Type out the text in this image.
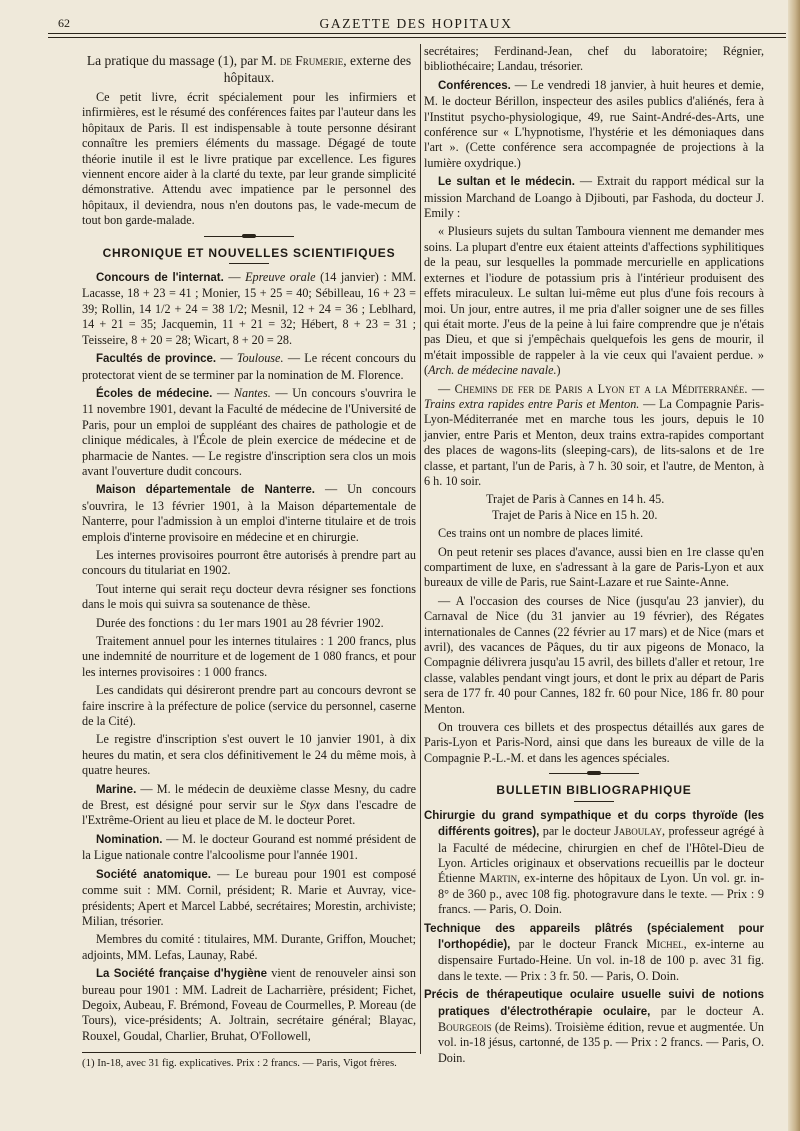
62	GAZETTE DES HOPITAUX

La pratique du massage (1), par M. de Frumerie, externe des hôpitaux.

Ce petit livre, écrit spécialement pour les infirmiers et infirmières, est le résumé des conférences faites par l'auteur dans les hôpitaux de Paris. Il est indispensable à toute personne désirant connaître les premiers éléments du massage. Dégagé de toute théorie inutile il est le livre pratique par excellence. Les figures viennent encore aider à la clarté du texte, par leur grande simplicité démonstrative. Attendu avec impatience par le personnel des hôpitaux, il deviendra, nous n'en doutons pas, le vade-mecum de tout bon garde-malade.

CHRONIQUE ET NOUVELLES SCIENTIFIQUES

Concours de l'internat. — Epreuve orale (14 janvier) : MM. Lacasse, 18 + 23 = 41 ; Monier, 15 + 25 = 40; Sébilleau, 16 + 23 = 39; Rollin, 14 1/2 + 24 = 38 1/2; Mesnil, 12 + 24 = 36 ; Leblhard, 14 + 21 = 35; Jacquemin, 11 + 21 = 32; Hébert, 8 + 23 = 31 ; Teisseire, 8 + 20 = 28; Wicart, 8 + 20 = 28.

Facultés de province. — Toulouse. — Le récent concours du protectorat vient de se terminer par la nomination de M. Florence.

Écoles de médecine. — Nantes. — Un concours s'ouvrira le 11 novembre 1901, devant la Faculté de médecine de l'Université de Paris, pour un emploi de suppléant des chaires de pathologie et de clinique médicales, à l'École de plein exercice de médecine et de pharmacie de Nantes. — Le registre d'inscription sera clos un mois avant l'ouverture dudit concours.

Maison départementale de Nanterre. — Un concours s'ouvrira, le 13 février 1901, à la Maison départementale de Nanterre, pour l'admission à un emploi d'interne titulaire et de trois emplois d'interne provisoire en médecine et en chirurgie.

Les internes provisoires pourront être autorisés à prendre part au concours du titulariat en 1902.

Tout interne qui serait reçu docteur devra résigner ses fonctions dans le mois qui suivra sa soutenance de thèse.

Durée des fonctions : du 1er mars 1901 au 28 février 1902.

Traitement annuel pour les internes titulaires : 1 200 francs, plus une indemnité de nourriture et de logement de 1 080 francs, et pour les internes provisoires : 1 000 francs.

Les candidats qui désireront prendre part au concours devront se faire inscrire à la préfecture de police (service du personnel, caserne de la Cité).

Le registre d'inscription s'est ouvert le 10 janvier 1901, à dix heures du matin, et sera clos définitivement le 24 du même mois, à quatre heures.

Marine. — M. le médecin de deuxième classe Mesny, du cadre de Brest, est désigné pour servir sur le Styx dans l'escadre de l'Extrême-Orient au lieu et place de M. le docteur Poret.

Nomination. — M. le docteur Gourand est nommé président de la Ligue nationale contre l'alcoolisme pour l'année 1901.

Société anatomique. — Le bureau pour 1901 est composé comme suit : MM. Cornil, président; R. Marie et Auvray, vice-présidents; Apert et Marcel Labbé, secrétaires; Morestin, archiviste; Milian, trésorier.

Membres du comité : titulaires, MM. Durante, Griffon, Mouchet; adjoints, MM. Lefas, Launay, Rabé.

La Société française d'hygiène vient de renouveler ainsi son bureau pour 1901 : MM. Ladreit de Lacharrière, président; Fichet, Degoix, Aubeau, F. Brémond, Foveau de Courmelles, P. Moreau (de Tours), vice-présidents; A. Joltrain, secrétaire général; Blayac, Rouxel, Goudal, Charlier, Bruhat, O'Followell,

(1) In-18, avec 31 fig. explicatives. Prix : 2 francs. — Paris, Vigot frères.

secrétaires; Ferdinand-Jean, chef du laboratoire; Régnier, bibliothécaire; Landau, trésorier.

Conférences. — Le vendredi 18 janvier, à huit heures et demie, M. le docteur Bérillon, inspecteur des asiles publics d'aliénés, fera à l'Institut psycho-physiologique, 49, rue Saint-André-des-Arts, une conférence sur « L'hypnotisme, l'hystérie et les démoniaques dans l'art ». (Cette conférence sera accompagnée de projections à la lumière oxydrique.)

Le sultan et le médecin. — Extrait du rapport médical sur la mission Marchand de Loango à Djibouti, par Fashoda, du docteur J. Emily :

« Plusieurs sujets du sultan Tamboura viennent me demander mes soins. La plupart d'entre eux étaient atteints d'affections syphilitiques de la peau, sur lesquelles la pommade mercurielle en applications externes et l'iodure de potassium pris à l'intérieur produisent des effets miraculeux. Le sultan lui-même eut plus d'une fois recours à moi. Un jour, entre autres, il me pria d'aller soigner une de ses filles qui était morte. J'eus de la peine à lui faire comprendre que je n'étais pas Dieu, et que si j'empêchais quelquefois les gens de mourir, il m'était impossible de rappeler à la vie ceux qui l'avaient perdue. » (Arch. de médecine navale.)

— Chemins de fer de Paris a Lyon et a la Méditerranée. — Trains extra rapides entre Paris et Menton. — La Compagnie Paris-Lyon-Méditerranée met en marche tous les jours, depuis le 10 janvier, entre Paris et Menton, deux trains extra-rapides comportant des places de wagons-lits (sleeping-cars), de lits-salons et de 1re classe, et partant, l'un de Paris, à 7 h. 30 soir, et l'autre, de Menton, à 6 h. 10 soir.

Trajet de Paris à Cannes en 14 h. 45.

Trajet de Paris à Nice en 15 h. 20.

Ces trains ont un nombre de places limité.

On peut retenir ses places d'avance, aussi bien en 1re classe qu'en compartiment de luxe, en s'adressant à la gare de Paris-Lyon et aux bureaux de ville de Paris, rue Saint-Lazare et rue Sainte-Anne.

— A l'occasion des courses de Nice (jusqu'au 23 janvier), du Carnaval de Nice (du 31 janvier au 19 février), des Régates internationales de Cannes (22 février au 17 mars) et de Nice (mars et avril), des vacances de Pâques, du tir aux pigeons de Monaco, la Compagnie délivrera jusqu'au 15 avril, des billets d'aller et retour, 1re classe, valables pendant vingt jours, et dont le prix au départ de Paris sera de 177 fr. 40 pour Cannes, 182 fr. 60 pour Nice, 186 fr. 80 pour Menton.

On trouvera ces billets et des prospectus détaillés aux gares de Paris-Lyon et Paris-Nord, ainsi que dans les bureaux de ville de la Compagnie P.-L.-M. et dans les agences spéciales.

BULLETIN BIBLIOGRAPHIQUE

Chirurgie du grand sympathique et du corps thyroïde (les différents goitres), par le docteur Jaboulay, professeur agrégé à la Faculté de médecine, chirurgien en chef de l'Hôtel-Dieu de Lyon. Articles originaux et observations recueillis par le docteur Étienne Martin, ex-interne des hôpitaux de Lyon. Un vol. gr. in-8° de 360 p., avec 108 fig. photogravure dans le texte. — Prix : 9 francs. — Paris, O. Doin.

Technique des appareils plâtrés (spécialement pour l'orthopédie), par le docteur Franck Michel, ex-interne au dispensaire Furtado-Heine. Un vol. in-18 de 100 p. avec 31 fig. dans le texte. — Prix : 3 fr. 50. — Paris, O. Doin.

Précis de thérapeutique oculaire usuelle suivi de notions pratiques d'électrothérapie oculaire, par le docteur A. Bourgeois (de Reims). Troisième édition, revue et augmentée. Un vol. in-18 jésus, cartonné, de 135 p. — Prix : 2 francs. — Paris, O. Doin.
